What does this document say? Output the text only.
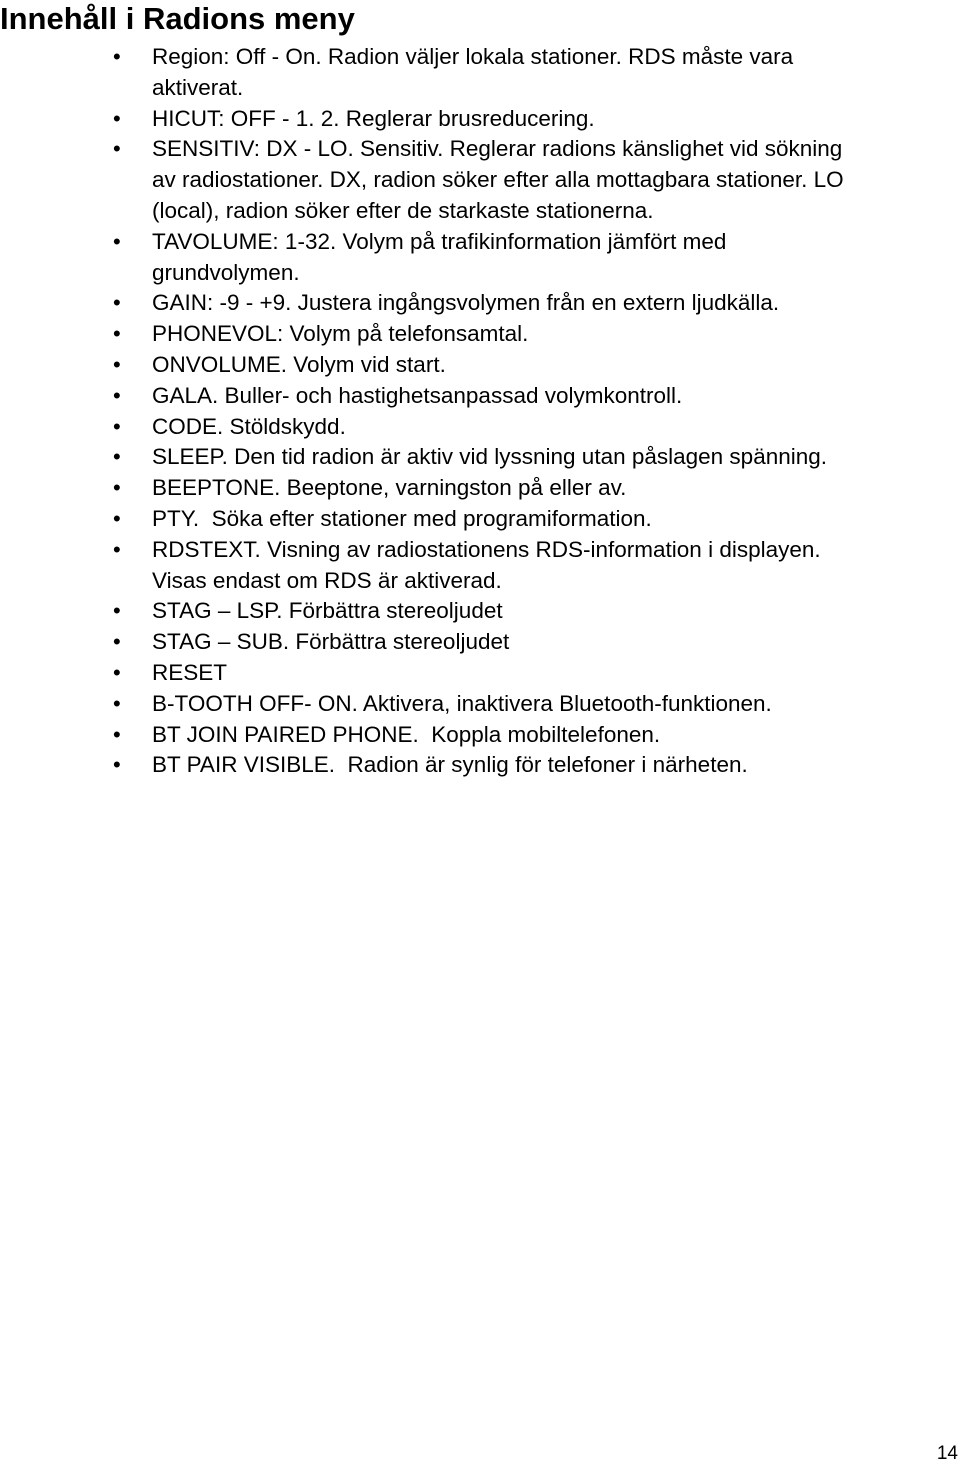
Innehåll i Radions meny
• Region: Off - On. Radion väljer lokala stationer. RDS måste vara
aktiverat.
• HICUT: OFF - 1. 2. Reglerar brusreducering.
• SENSITIV: DX - LO. Sensitiv. Reglerar radions känslighet vid sökning
av radiostationer. DX, radion söker efter alla mottagbara stationer. LO
(local), radion söker efter de starkaste stationerna.
• TAVOLUME: 1-32. Volym på trafikinformation jämfört med
grundvolymen.
• GAIN: -9 - +9. Justera ingångsvolymen från en extern ljudkälla.
• PHONEVOL: Volym på telefonsamtal.
• ONVOLUME. Volym vid start.
• GALA. Buller- och hastighetsanpassad volymkontroll.
• CODE. Stöldskydd.
• SLEEP. Den tid radion är aktiv vid lyssning utan påslagen spänning.
• BEEPTONE. Beeptone, varningston på eller av.
• PTY.  Söka efter stationer med programiformation.
• RDSTEXT. Visning av radiostationens RDS-information i displayen.
Visas endast om RDS är aktiverad.
• STAG – LSP. Förbättra stereoljudet
• STAG – SUB. Förbättra stereoljudet
• RESET
• B-TOOTH OFF- ON. Aktivera, inaktivera Bluetooth-funktionen.
• BT JOIN PAIRED PHONE.  Koppla mobiltelefonen.
• BT PAIR VISIBLE.  Radion är synlig för telefoner i närheten.
14
